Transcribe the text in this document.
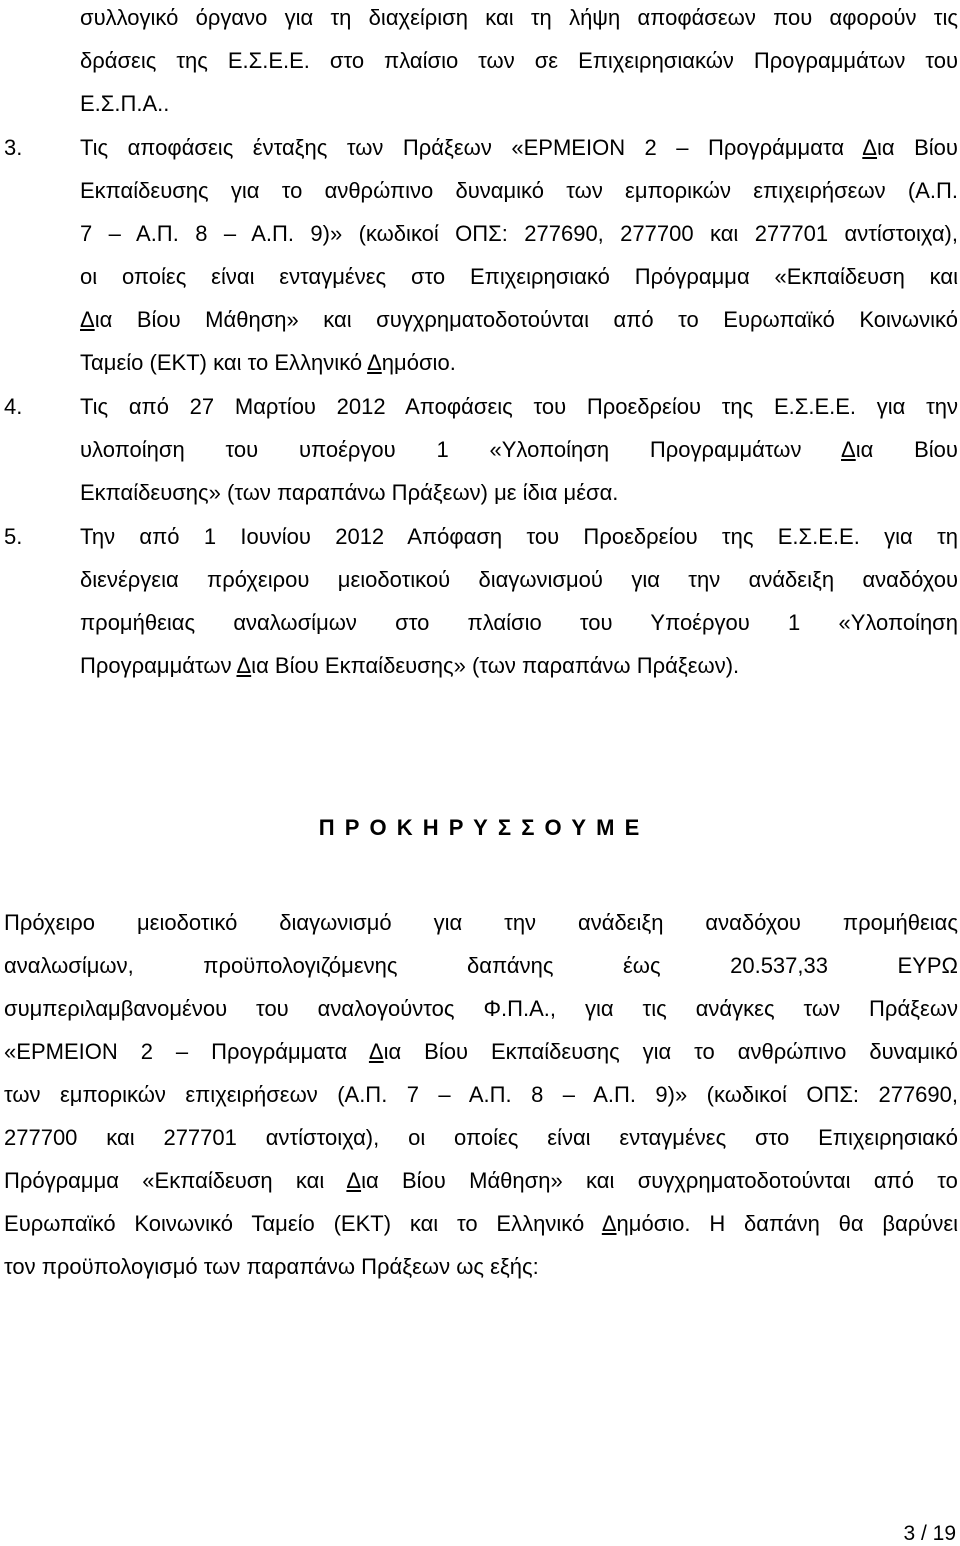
συλλογικό όργανο για τη διαχείριση και τη λήψη αποφάσεων που αφορούν τις
δράσεις της Ε.Σ.Ε.Ε. στο πλαίσιο των σε Επιχειρησιακών Προγραμμάτων του
Ε.Σ.Π.Α..
3.	Τις αποφάσεις ένταξης των Πράξεων «ΕΡΜΕΙΟΝ 2 – Προγράμματα Δια Βίου
Εκπαίδευσης για το ανθρώπινο δυναμικό των εμπορικών επιχειρήσεων (Α.Π.
7 – Α.Π. 8 – Α.Π. 9)» (κωδικοί ΟΠΣ: 277690, 277700 και 277701 αντίστοιχα),
οι οποίες είναι ενταγμένες στο Επιχειρησιακό Πρόγραμμα «Εκπαίδευση και
Δια Βίου Μάθηση» και συγχρηματοδοτούνται από το Ευρωπαϊκό Κοινωνικό
Ταμείο (ΕΚΤ) και το Ελληνικό Δημόσιο.
4.	Τις από 27 Μαρτίου 2012 Αποφάσεις του Προεδρείου της Ε.Σ.Ε.Ε. για την
υλοποίηση του υποέργου 1 «Υλοποίηση Προγραμμάτων Δια Βίου
Εκπαίδευσης» (των παραπάνω Πράξεων) με ίδια μέσα.
5.	Την από 1 Ιουνίου 2012 Απόφαση του Προεδρείου της Ε.Σ.Ε.Ε. για τη
διενέργεια πρόχειρου μειοδοτικού διαγωνισμού για την ανάδειξη αναδόχου
προμήθειας αναλωσίμων στο πλαίσιο του Υποέργου 1 «Υλοποίηση
Προγραμμάτων Δια Βίου Εκπαίδευσης» (των παραπάνω Πράξεων).
Π Ρ Ο Κ Η Ρ Υ Σ Σ Ο Υ Μ Ε
Πρόχειρο μειοδοτικό διαγωνισμό για την ανάδειξη αναδόχου προμήθειας
αναλωσίμων, προϋπολογιζόμενης δαπάνης έως 20.537,33 ΕΥΡΩ
συμπεριλαμβανομένου του αναλογούντος Φ.Π.Α., για τις ανάγκες των Πράξεων
«ΕΡΜΕΙΟΝ 2 – Προγράμματα Δια Βίου Εκπαίδευσης για το ανθρώπινο δυναμικό
των εμπορικών επιχειρήσεων (Α.Π. 7 – Α.Π. 8 – Α.Π. 9)» (κωδικοί ΟΠΣ: 277690,
277700 και 277701 αντίστοιχα), οι οποίες είναι ενταγμένες στο Επιχειρησιακό
Πρόγραμμα «Εκπαίδευση και Δια Βίου Μάθηση» και συγχρηματοδοτούνται από το
Ευρωπαϊκό Κοινωνικό Ταμείο (ΕΚΤ) και το Ελληνικό Δημόσιο. Η δαπάνη θα βαρύνει
τον προϋπολογισμό των παραπάνω Πράξεων ως εξής:
3 / 19
